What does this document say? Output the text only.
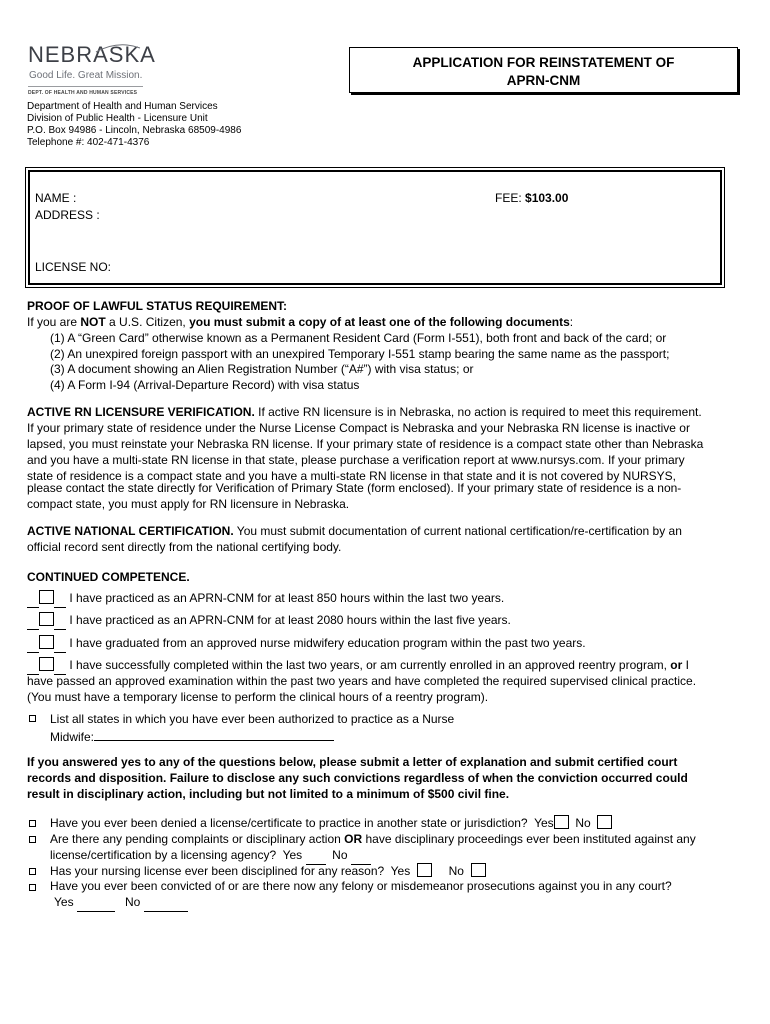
NEBRASKA
Good Life. Great Mission.
DEPT. OF HEALTH AND HUMAN SERVICES
Department of Health and Human Services
Division of Public Health - Licensure Unit
P.O. Box 94986 - Lincoln, Nebraska 68509-4986
Telephone #: 402-471-4376
APPLICATION FOR REINSTATEMENT OF
APRN-CNM
NAME :	FEE: $103.00
ADDRESS :
LICENSE NO:
PROOF OF LAWFUL STATUS REQUIREMENT:
If you are NOT a U.S. Citizen, you must submit a copy of at least one of the following documents:
(1) A “Green Card” otherwise known as a Permanent Resident Card (Form I-551), both front and back of the card; or
(2) An unexpired foreign passport with an unexpired Temporary I-551 stamp bearing the same name as the passport;
(3) A document showing an Alien Registration Number (“A#”) with visa status; or
(4) A Form I-94 (Arrival-Departure Record) with visa status
ACTIVE RN LICENSURE VERIFICATION. If active RN licensure is in Nebraska, no action is required to meet this requirement.
If your primary state of residence under the Nurse License Compact is Nebraska and your Nebraska RN license is inactive or
lapsed, you must reinstate your Nebraska RN license. If your primary state of residence is a compact state other than Nebraska
and you have a multi-state RN license in that state, please purchase a verification report at www.nursys.com. If your primary
state of residence is a compact state and you have a multi-state RN license in that state and it is not covered by NURSYS,
please contact the state directly for Verification of Primary State (form enclosed). If your primary state of residence is a non-
compact state, you must apply for RN licensure in Nebraska.
ACTIVE NATIONAL CERTIFICATION. You must submit documentation of current national certification/re-certification by an
official record sent directly from the national certifying body.
CONTINUED COMPETENCE.
I have practiced as an APRN-CNM for at least 850 hours within the last two years.
I have practiced as an APRN-CNM for at least 2080 hours within the last five years.
I have graduated from an approved nurse midwifery education program within the past two years.
I have successfully completed within the last two years, or am currently enrolled in an approved reentry program, or I
have passed an approved examination within the past two years and have completed the required supervised clinical practice.
(You must have a temporary license to perform the clinical hours of a reentry program).
List all states in which you have ever been authorized to practice as a Nurse
Midwife:
If you answered yes to any of the questions below, please submit a letter of explanation and submit certified court
records and disposition. Failure to disclose any such convictions regardless of when the conviction occurred could
result in disciplinary action, including but not limited to a minimum of $500 civil fine.
Have you ever been denied a license/certificate to practice in another state or jurisdiction? Yes No
Are there any pending complaints or disciplinary action OR have disciplinary proceedings ever been instituted against any
license/certification by a licensing agency? Yes	No
Has your nursing license ever been disciplined for any reason? Yes	No
Have you ever been convicted of or are there now any felony or misdemeanor prosecutions against you in any court?
Yes	No
